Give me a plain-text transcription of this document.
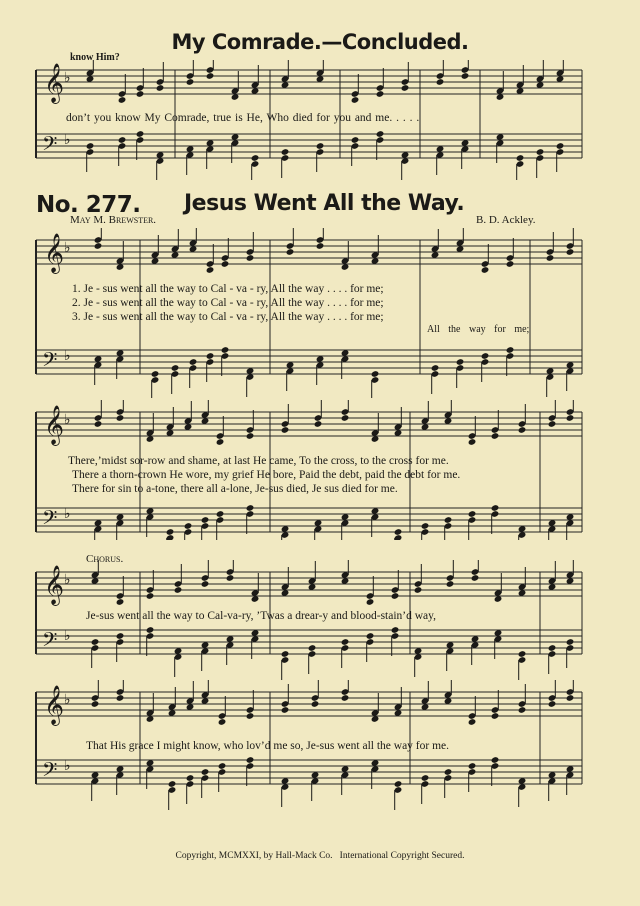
My Comrade.—Concluded.
know Him?
𝄞
𝄢
♭
♭
don’t you know My Comrade, true is He, Who died for you and me. . . . .
No. 277. Jesus Went All the Way.
May M. Brewster.	B. D. Ackley.
𝄞
𝄢
♭
♭
1. Je - sus went all the way to Cal - va - ry, All the way . . . . for me;
2. Je - sus went all the way to Cal - va - ry, All the way . . . . for me;
3. Je - sus went all the way to Cal - va - ry, All the way . . . . for me;
All the way for me;
𝄞
𝄢
♭
♭
There,’midst sor-row and shame, at last He came, To the cross, to the cross for me.
There a thorn-crown He wore, my grief He bore, Paid the debt, paid the debt for me.
There for sin to a-tone, there all a-lone, Je-sus died, Je sus died for me.
Chorus.
𝄞
𝄢
♭
♭
Je-sus went all the way to Cal-va-ry, ’Twas a drear-y and blood-stain’d way,
𝄞
𝄢
♭
♭
That His grace I might know, who lov’d me so, Je-sus went all the way for me.
Copyright, MCMXXI, by Hall-Mack Co.   International Copyright Secured.
